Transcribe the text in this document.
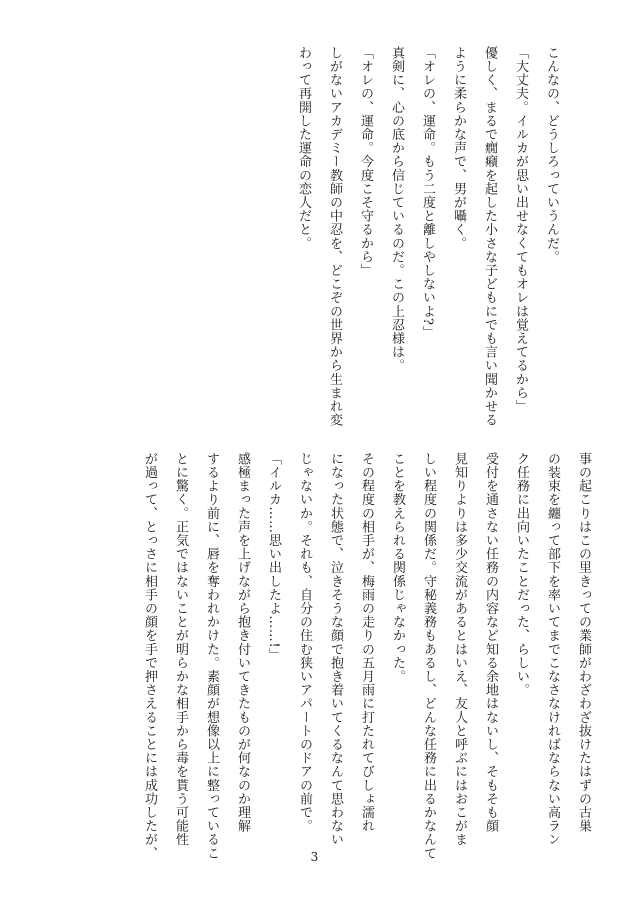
こんなの、どうしろっていうんだ。
「大丈夫。イルカが思い出せなくてもオレは覚えてるから」
優しく、まるで癇癪を起した小さな子どもにでも言い聞かせる
ように柔らかな声で、男が囁く。
「オレの、運命。もう二度と離しやしないよ?」
真剣に、心の底から信じているのだ。この上忍様は。
「オレの、運命。今度こそ守るから」
しがないアカデミー教師の中忍を、どこぞの世界から生まれ変
わって再開した運命の恋人だと。
事の起こりはこの里きっての業師がわざわざ抜けたはずの古巣
の装束を纏って部下を率いてまでこなさなければならない高ラン
ク任務に出向いたことだった、らしい。
受付を通さない任務の内容など知る余地はないし、そもそも顔
見知りよりは多少交流があるとはいえ、友人と呼ぶにはおこがま
しい程度の関係だ。守秘義務もあるし、どんな任務に出るかなんて
ことを教えられる関係じゃなかった。
その程度の相手が、梅雨の走りの五月雨に打たれてびしょ濡れ
になった状態で、泣きそうな顔で抱き着いてくるなんて思わない
じゃないか。それも、自分の住む狭いアパートのドアの前で。
「イルカ……思い出したよ……!」
感極まった声を上げながら抱き付いてきたものが何なのか理解
するより前に、唇を奪われかけた。素顔が想像以上に整っているこ
とに驚く。正気ではないことが明らかな相手から毒を貰う可能性
が過って、とっさに相手の顔を手で押さえることには成功したが、	3
